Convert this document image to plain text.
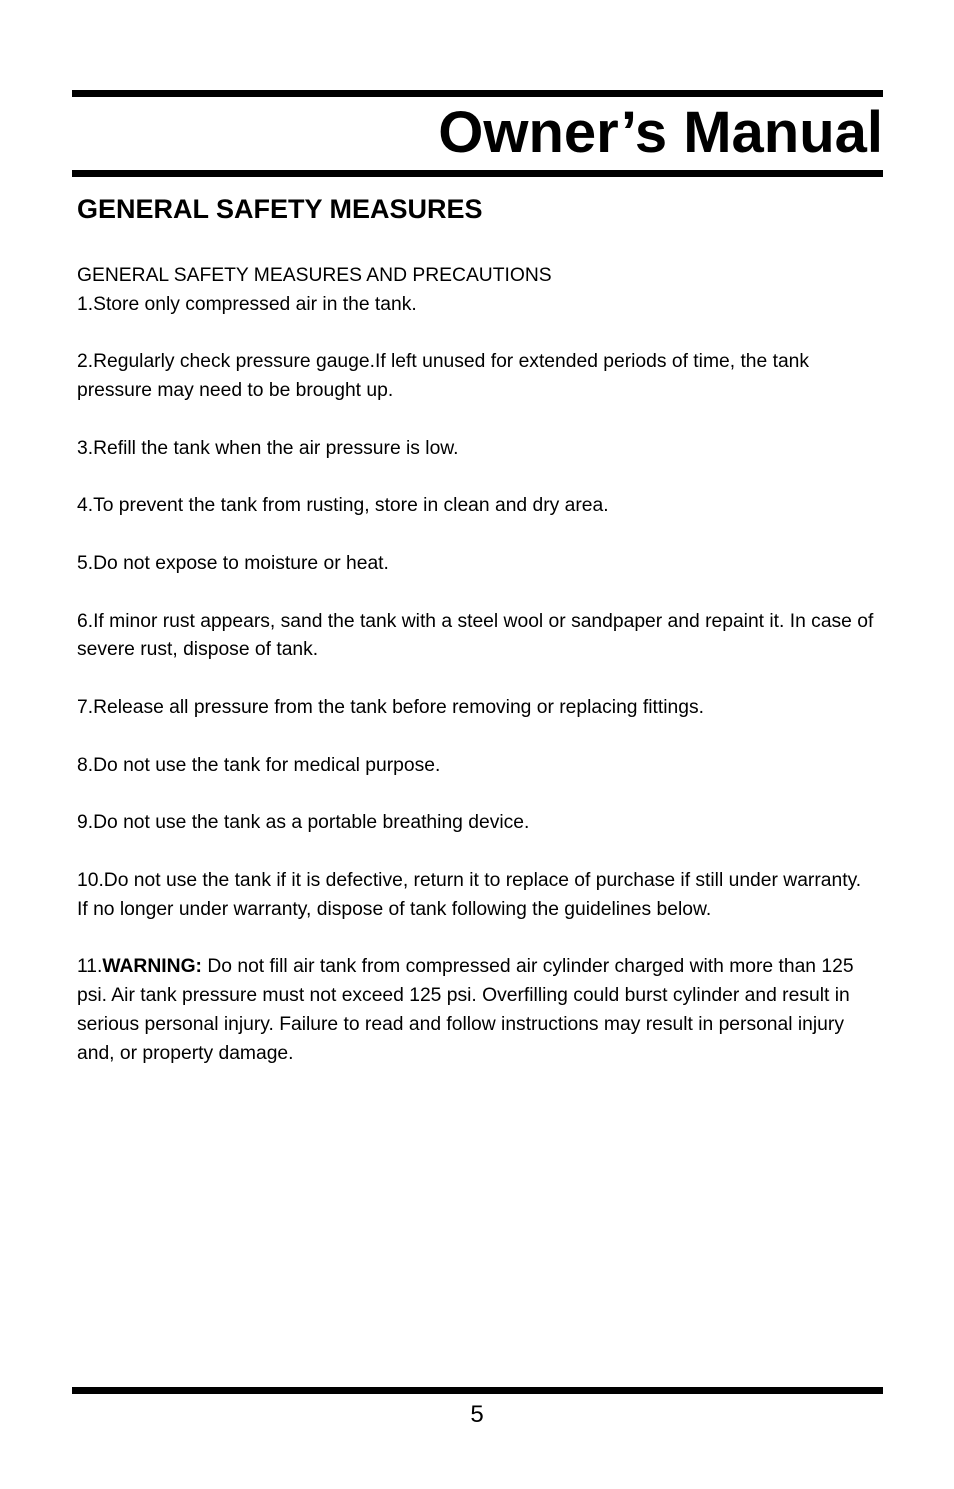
Owner’s Manual
GENERAL SAFETY MEASURES

GENERAL SAFETY MEASURES AND PRECAUTIONS

1.Store only compressed air in the tank.

2.Regularly check pressure gauge.If left unused for extended periods of time, the tank pressure may need to be brought up.

3.Refill the tank when the air pressure is low.

4.To prevent the tank from rusting, store in clean and dry area.

5.Do not expose to moisture or heat.

6.If minor rust appears, sand the tank with a steel wool or sandpaper and repaint it. In case of severe rust, dispose of tank.

7.Release all pressure from the tank before removing or replacing fittings.

8.Do not use the tank for medical purpose.

9.Do not use the tank as a portable breathing device.

10.Do not use the tank if it is defective, return it to replace of purchase if still under warranty. If no longer under warranty, dispose of tank following the guidelines below.

11.WARNING: Do not fill air tank from compressed air cylinder charged with more than 125 psi. Air tank pressure must not exceed 125 psi. Overfilling could burst cylinder and result in serious personal injury. Failure to read and follow instructions may result in personal injury and, or property damage.

5
